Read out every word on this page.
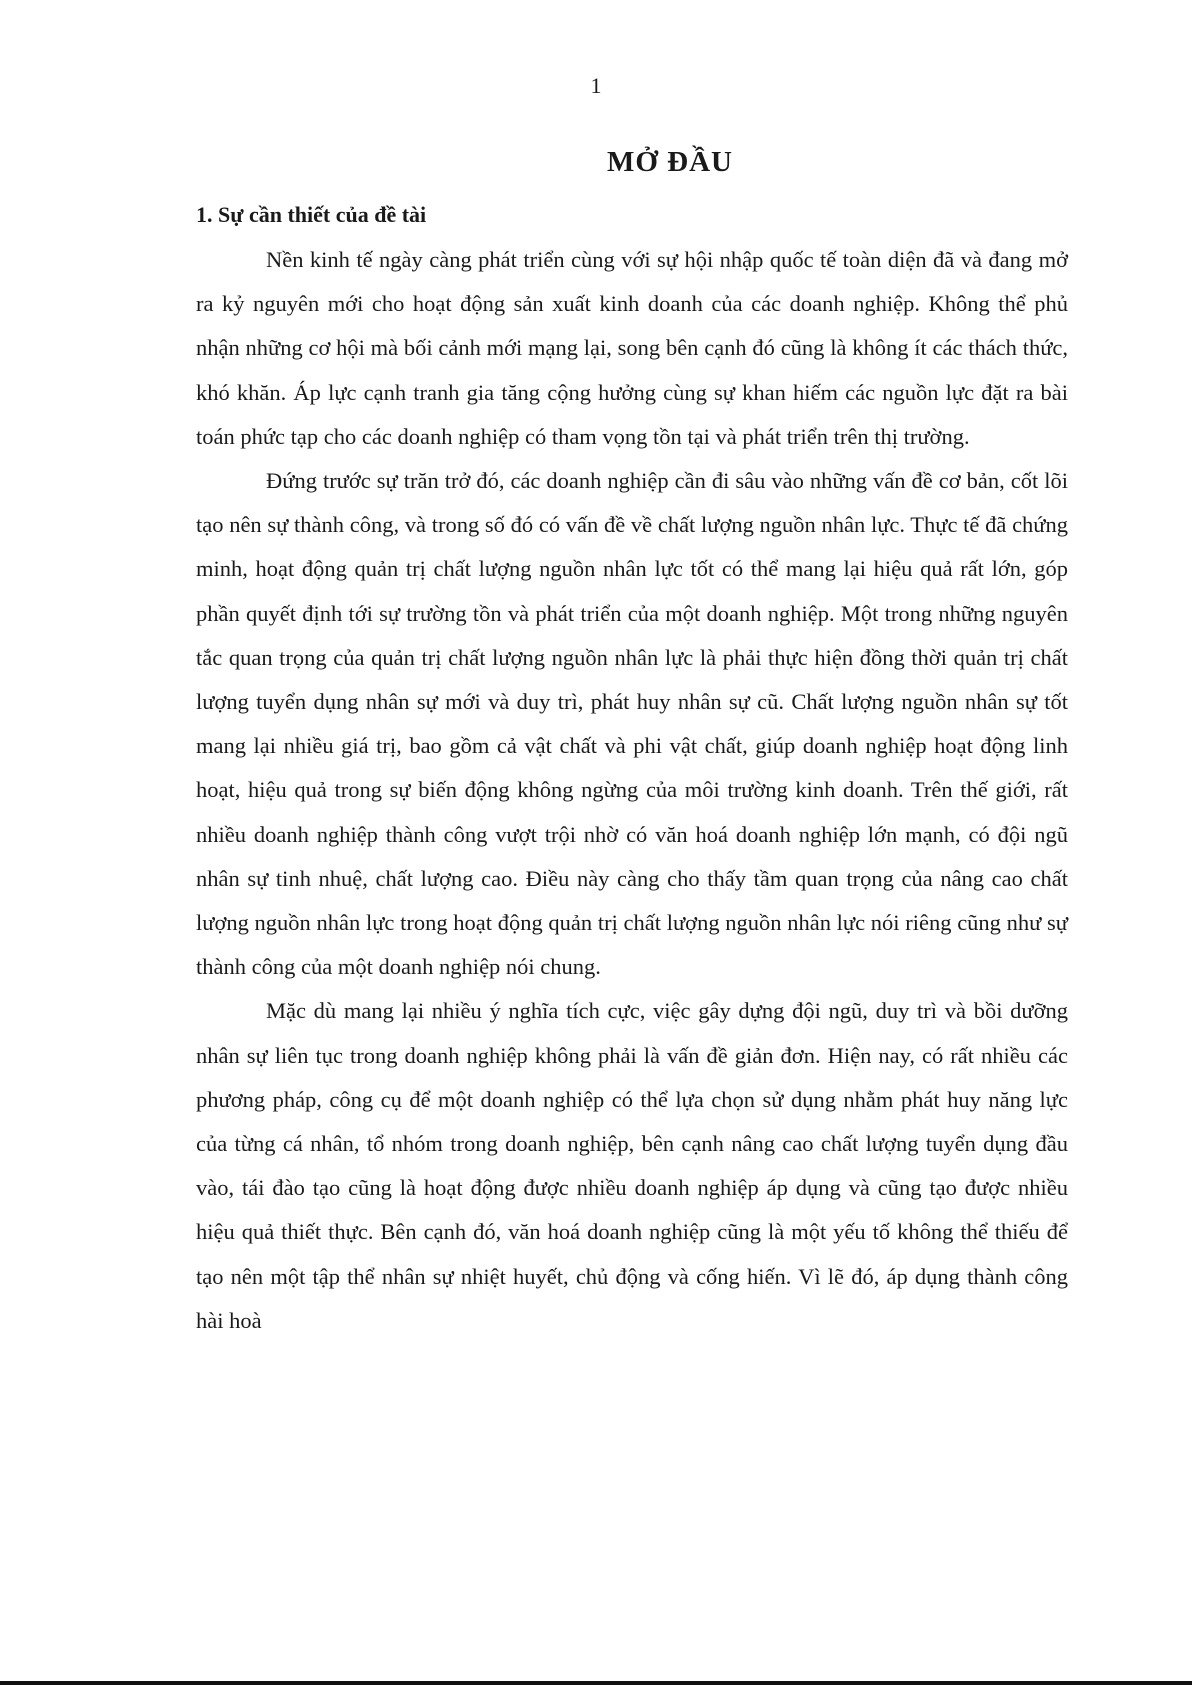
1

MỞ ĐẦU
1. Sự cần thiết của đề tài

Nền kinh tế ngày càng phát triển cùng với sự hội nhập quốc tế toàn diện đã và đang mở ra kỷ nguyên mới cho hoạt động sản xuất kinh doanh của các doanh nghiệp. Không thể phủ nhận những cơ hội mà bối cảnh mới mạng lại, song bên cạnh đó cũng là không ít các thách thức, khó khăn. Áp lực cạnh tranh gia tăng cộng hưởng cùng sự khan hiếm các nguồn lực đặt ra bài toán phức tạp cho các doanh nghiệp có tham vọng tồn tại và phát triển trên thị trường.

Đứng trước sự trăn trở đó, các doanh nghiệp cần đi sâu vào những vấn đề cơ bản, cốt lõi tạo nên sự thành công, và trong số đó có vấn đề về chất lượng nguồn nhân lực. Thực tế đã chứng minh, hoạt động quản trị chất lượng nguồn nhân lực tốt có thể mang lại hiệu quả rất lớn, góp phần quyết định tới sự trường tồn và phát triển của một doanh nghiệp. Một trong những nguyên tắc quan trọng của quản trị chất lượng nguồn nhân lực là phải thực hiện đồng thời quản trị chất lượng tuyển dụng nhân sự mới và duy trì, phát huy nhân sự cũ. Chất lượng nguồn nhân sự tốt mang lại nhiều giá trị, bao gồm cả vật chất và phi vật chất, giúp doanh nghiệp hoạt động linh hoạt, hiệu quả trong sự biến động không ngừng của môi trường kinh doanh. Trên thế giới, rất nhiều doanh nghiệp thành công vượt trội nhờ có văn hoá doanh nghiệp lớn mạnh, có đội ngũ nhân sự tinh nhuệ, chất lượng cao. Điều này càng cho thấy tầm quan trọng của nâng cao chất lượng nguồn nhân lực trong hoạt động quản trị chất lượng nguồn nhân lực nói riêng cũng như sự thành công của một doanh nghiệp nói chung.

Mặc dù mang lại nhiều ý nghĩa tích cực, việc gây dựng đội ngũ, duy trì và bồi dưỡng nhân sự liên tục trong doanh nghiệp không phải là vấn đề giản đơn. Hiện nay, có rất nhiều các phương pháp, công cụ để một doanh nghiệp có thể lựa chọn sử dụng nhằm phát huy năng lực của từng cá nhân, tổ nhóm trong doanh nghiệp, bên cạnh nâng cao chất lượng tuyển dụng đầu vào, tái đào tạo cũng là hoạt động được nhiều doanh nghiệp áp dụng và cũng tạo được nhiều hiệu quả thiết thực. Bên cạnh đó, văn hoá doanh nghiệp cũng là một yếu tố không thể thiếu để tạo nên một tập thể nhân sự nhiệt huyết, chủ động và cống hiến. Vì lẽ đó, áp dụng thành công hài hoà
